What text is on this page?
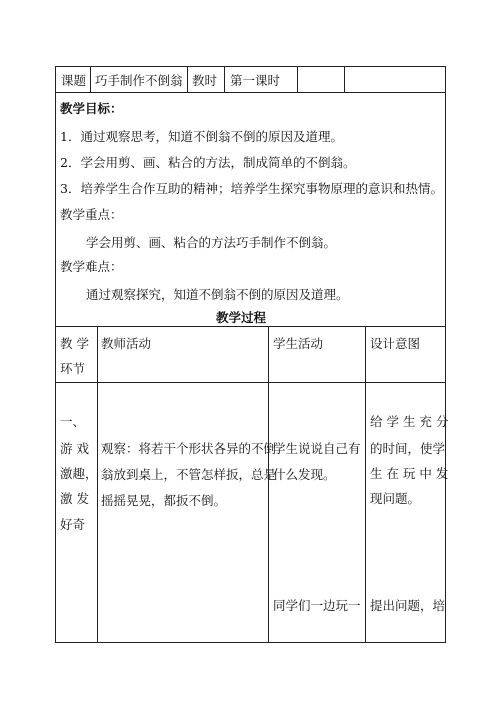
课题 巧手制作不倒翁 教时 第一课时
教学目标：
1．通过观察思考，知道不倒翁不倒的原因及道理。
2．学会用剪、画、粘合的方法，制成简单的不倒翁。
3．培养学生合作互助的精神；培养学生探究事物原理的意识和热情。
教学重点：
学会用剪、画、粘合的方法巧手制作不倒翁。
教学难点：
通过观察探究，知道不倒翁不倒的原因及道理。
教学过程
教 学
环节
教师活动	学生活动	设计意图
一、
游 戏
激趣，
激 发
好奇
观察：将若干个形状各异的不倒
翁放到桌上，不管怎样扳，总是
摇摇晃晃，都扳不倒。
学生说说自己有
什么发现。
给 学 生 充 分
的时间，使学
生 在 玩 中 发
现问题。
同学们一边玩一 提出问题，培
